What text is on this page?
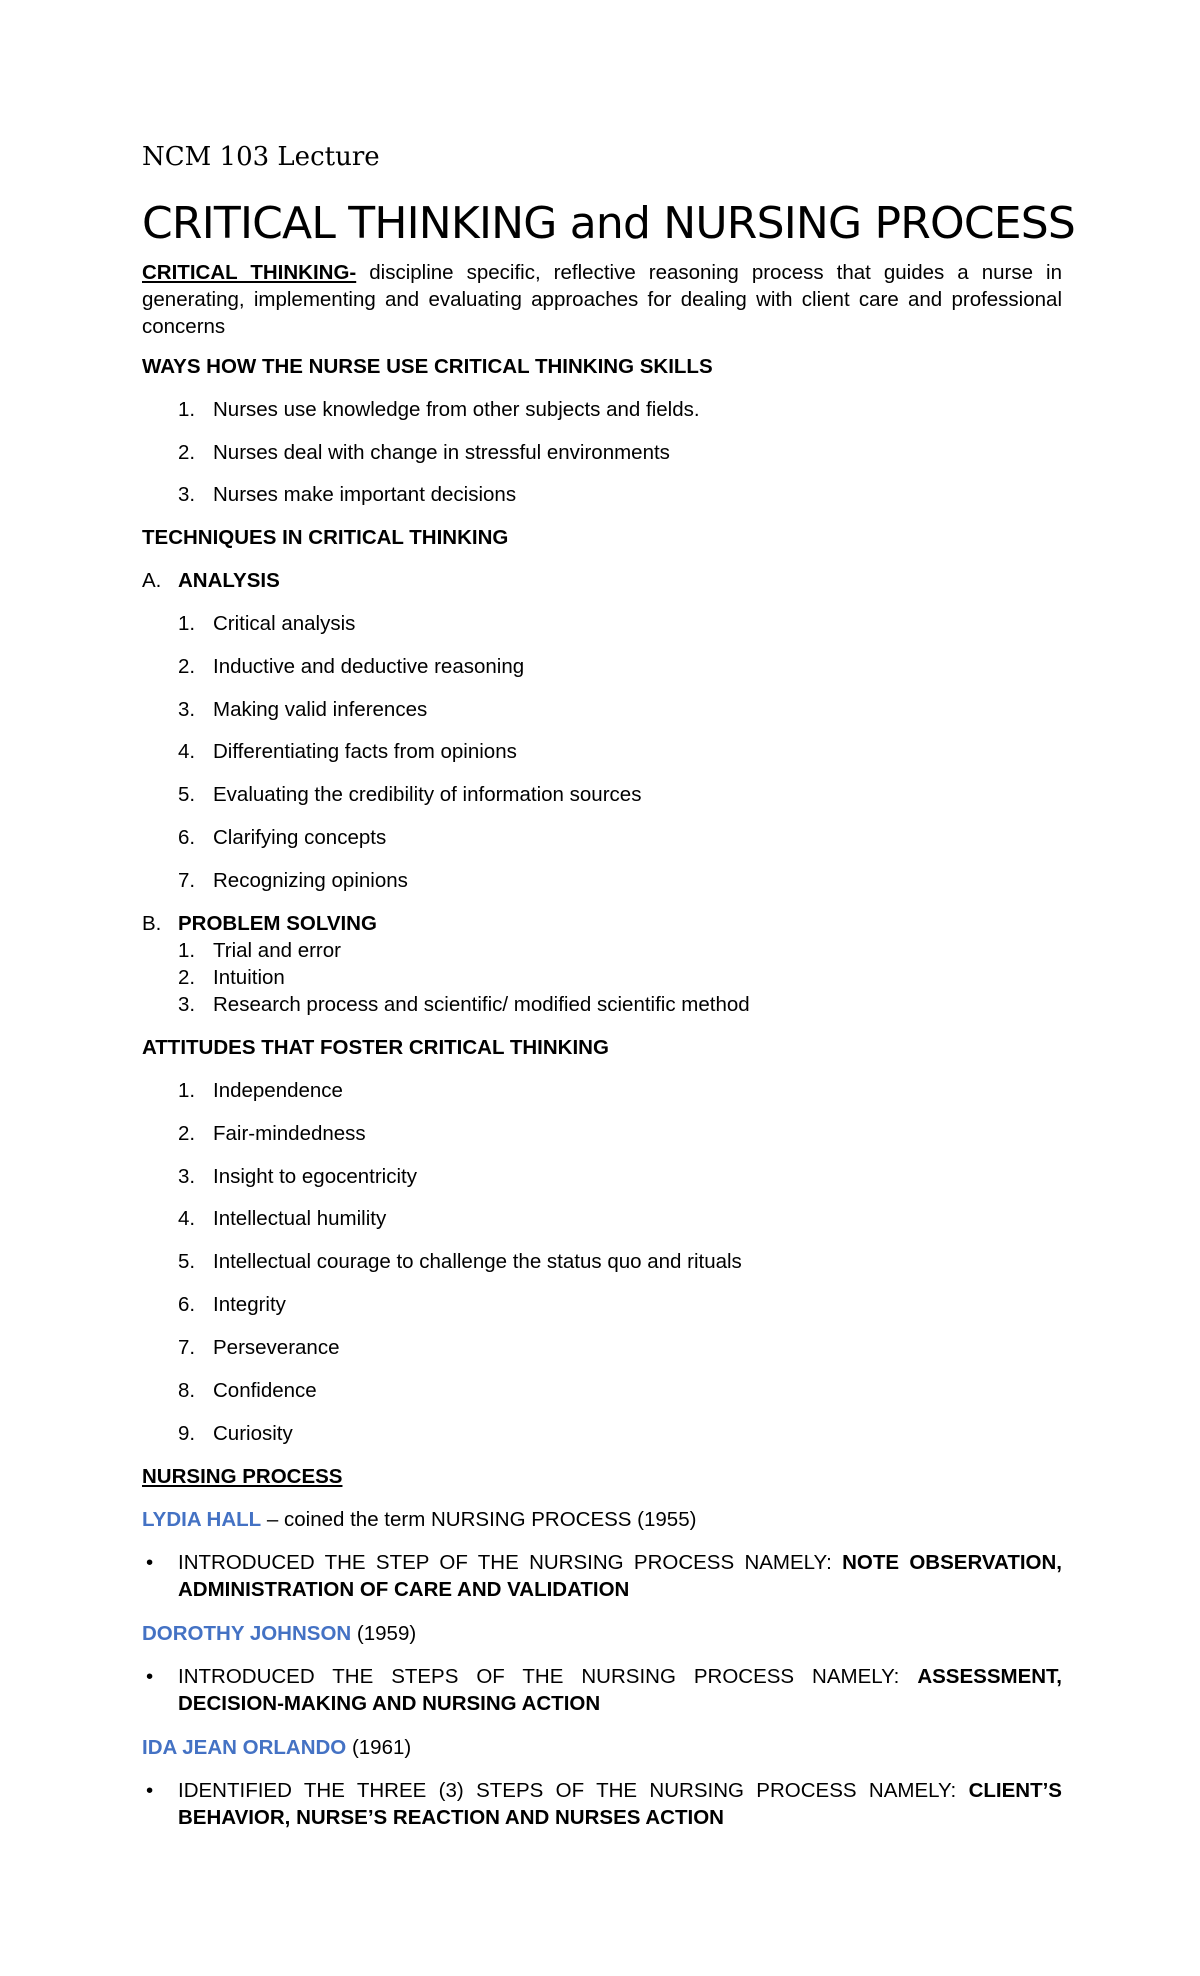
NCM 103 Lecture

CRITICAL THINKING and NURSING PROCESS

CRITICAL THINKING- discipline specific, reflective reasoning process that guides a nurse in generating, implementing and evaluating approaches for dealing with client care and professional concerns

WAYS HOW THE NURSE USE CRITICAL THINKING SKILLS

1. Nurses use knowledge from other subjects and fields.
2. Nurses deal with change in stressful environments
3. Nurses make important decisions

TECHNIQUES IN CRITICAL THINKING

A. ANALYSIS
1. Critical analysis
2. Inductive and deductive reasoning
3. Making valid inferences
4. Differentiating facts from opinions
5. Evaluating the credibility of information sources
6. Clarifying concepts
7. Recognizing opinions
B. PROBLEM SOLVING
1. Trial and error
2. Intuition
3. Research process and scientific/ modified scientific method

ATTITUDES THAT FOSTER CRITICAL THINKING

1. Independence
2. Fair-mindedness
3. Insight to egocentricity
4. Intellectual humility
5. Intellectual courage to challenge the status quo and rituals
6. Integrity
7. Perseverance
8. Confidence
9. Curiosity

NURSING PROCESS

LYDIA HALL – coined the term NURSING PROCESS (1955)

• INTRODUCED THE STEP OF THE NURSING PROCESS NAMELY: NOTE OBSERVATION, ADMINISTRATION OF CARE AND VALIDATION

DOROTHY JOHNSON (1959)

• INTRODUCED THE STEPS OF THE NURSING PROCESS NAMELY: ASSESSMENT, DECISION-MAKING AND NURSING ACTION

IDA JEAN ORLANDO (1961)

• IDENTIFIED THE THREE (3) STEPS OF THE NURSING PROCESS NAMELY: CLIENT’S BEHAVIOR, NURSE’S REACTION AND NURSES ACTION
